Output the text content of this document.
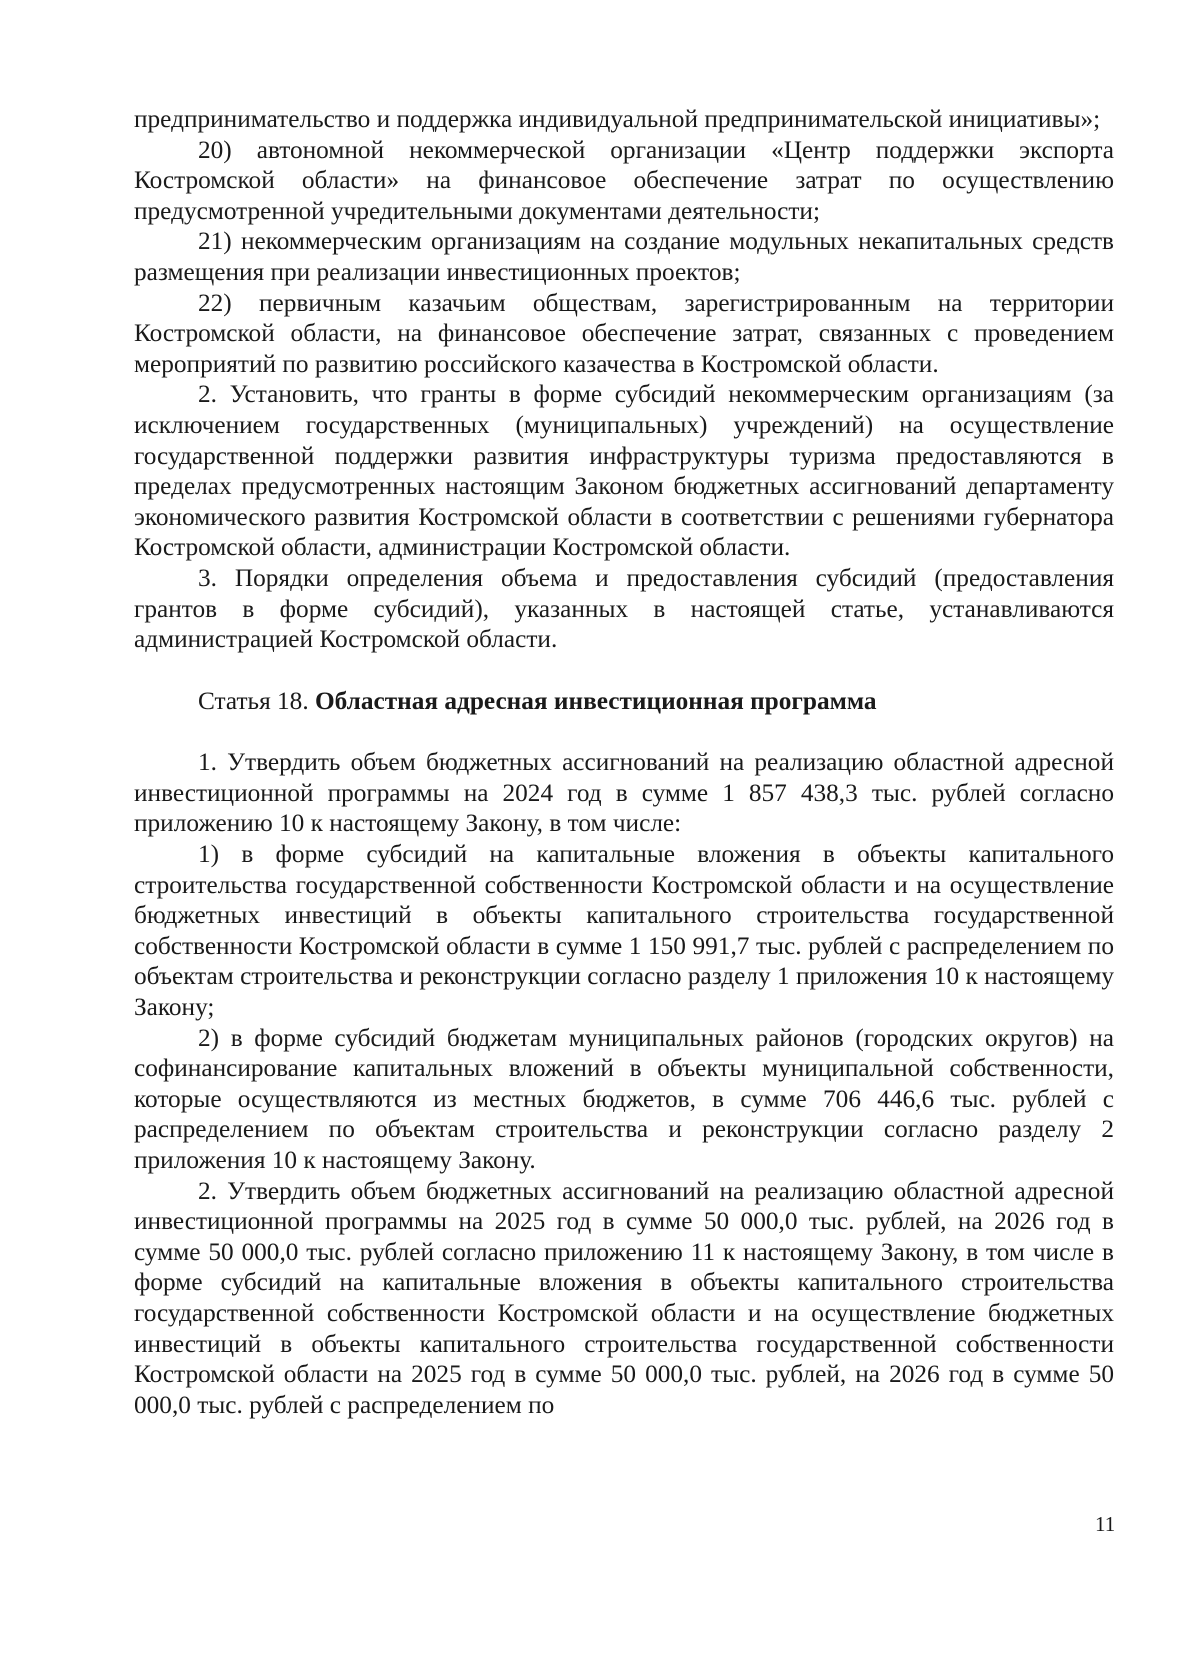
предпринимательство и поддержка индивидуальной предпринимательской инициативы»;

20) автономной некоммерческой организации «Центр поддержки экспорта Костромской области» на финансовое обеспечение затрат по осуществлению предусмотренной учредительными документами деятельности;

21) некоммерческим организациям на создание модульных некапитальных средств размещения при реализации инвестиционных проектов;

22) первичным казачьим обществам, зарегистрированным на территории Костромской области, на финансовое обеспечение затрат, связанных с проведением мероприятий по развитию российского казачества в Костромской области.

2. Установить, что гранты в форме субсидий некоммерческим организациям (за исключением государственных (муниципальных) учреждений) на осуществление государственной поддержки развития инфраструктуры туризма предоставляются в пределах предусмотренных настоящим Законом бюджетных ассигнований департаменту экономического развития Костромской области в соответствии с решениями губернатора Костромской области, администрации Костромской области.

3. Порядки определения объема и предоставления субсидий (предоставления грантов в форме субсидий), указанных в настоящей статье, устанавливаются администрацией Костромской области.

Статья 18. Областная адресная инвестиционная программа

1. Утвердить объем бюджетных ассигнований на реализацию областной адресной инвестиционной программы на 2024 год в сумме 1 857 438,3 тыс. рублей согласно приложению 10 к настоящему Закону, в том числе:

1) в форме субсидий на капитальные вложения в объекты капитального строительства государственной собственности Костромской области и на осуществление бюджетных инвестиций в объекты капитального строительства государственной собственности Костромской области в сумме 1 150 991,7 тыс. рублей с распределением по объектам строительства и реконструкции согласно разделу 1 приложения 10 к настоящему Закону;

2) в форме субсидий бюджетам муниципальных районов (городских округов) на софинансирование капитальных вложений в объекты муниципальной собственности, которые осуществляются из местных бюджетов, в сумме 706 446,6 тыс. рублей с распределением по объектам строительства и реконструкции согласно разделу 2 приложения 10 к настоящему Закону.

2. Утвердить объем бюджетных ассигнований на реализацию областной адресной инвестиционной программы на 2025 год в сумме 50 000,0 тыс. рублей, на 2026 год в сумме 50 000,0 тыс. рублей согласно приложению 11 к настоящему Закону, в том числе в форме субсидий на капитальные вложения в объекты капитального строительства государственной собственности Костромской области и на осуществление бюджетных инвестиций в объекты капитального строительства государственной собственности Костромской области на 2025 год в сумме 50 000,0 тыс. рублей, на 2026 год в сумме 50 000,0 тыс. рублей с распределением по

11
